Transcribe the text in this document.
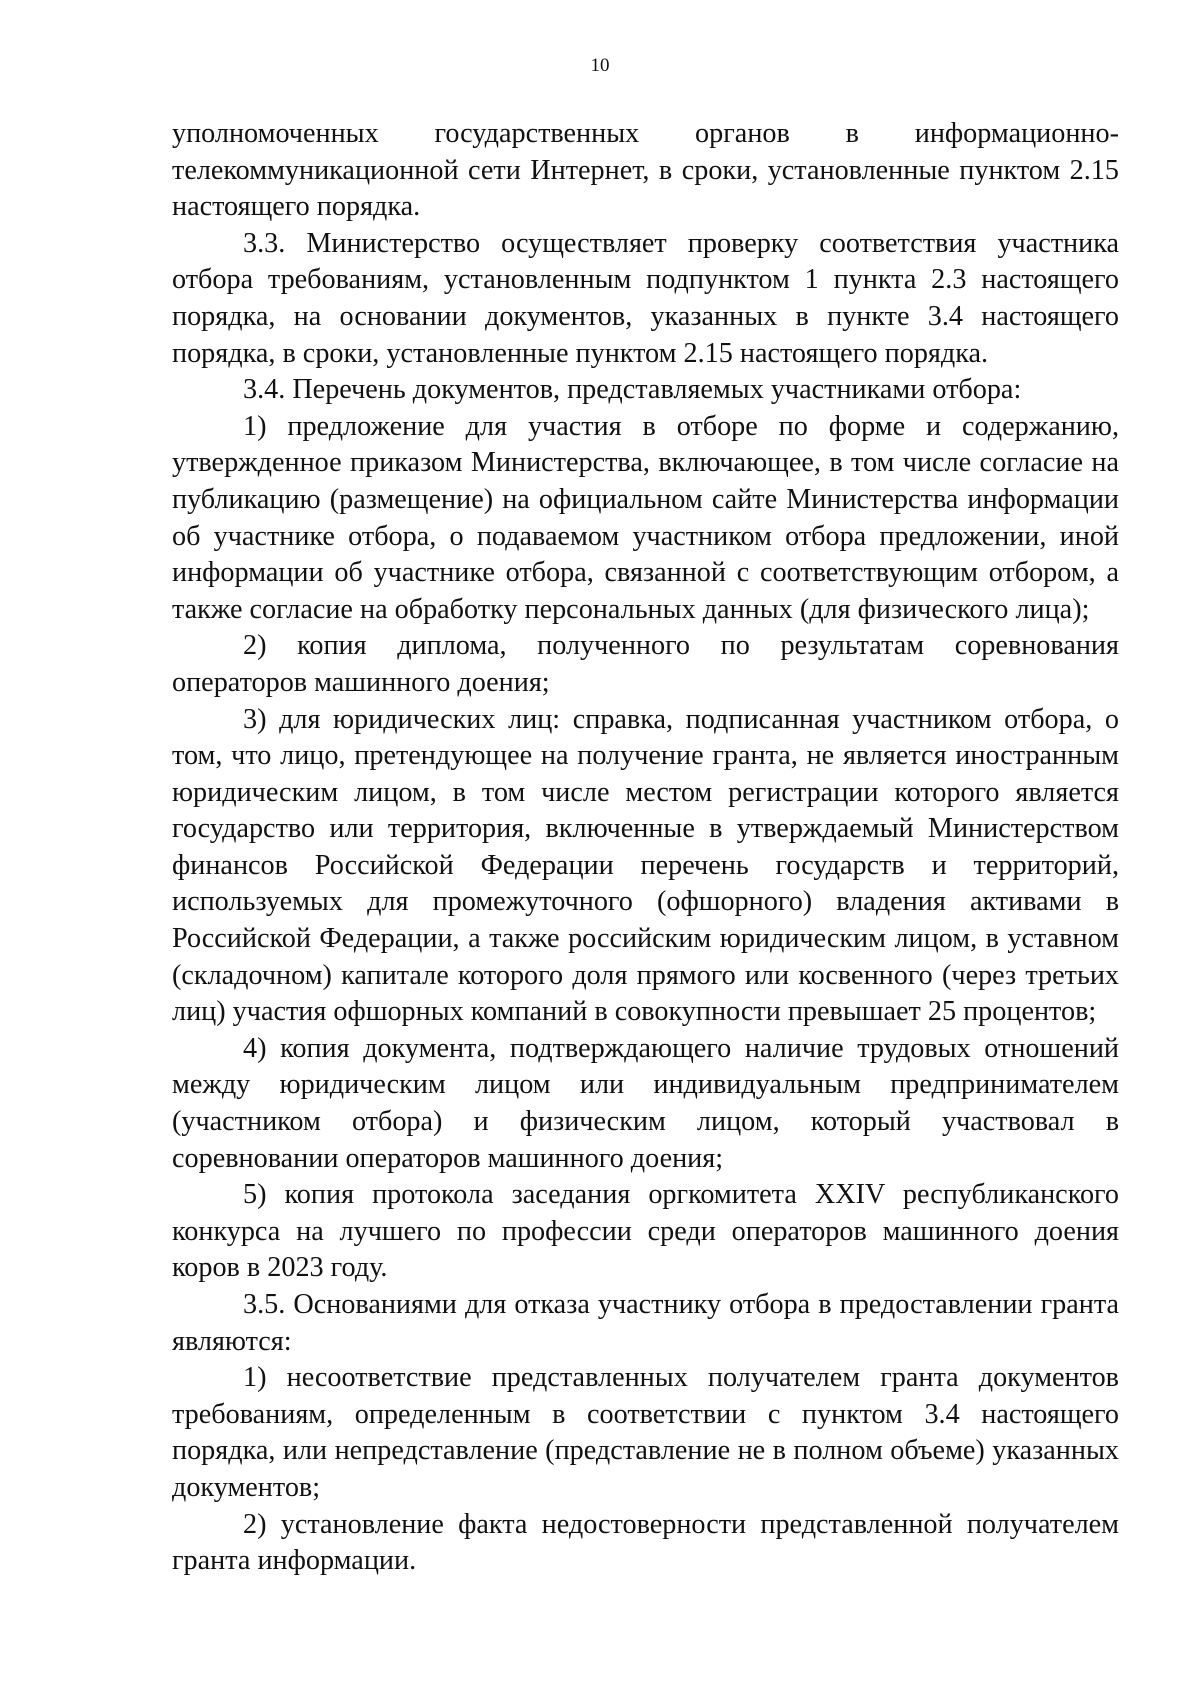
10

уполномоченных государственных органов в информационно-телекоммуникационной сети Интернет, в сроки, установленные пунктом 2.15 настоящего порядка.

3.3. Министерство осуществляет проверку соответствия участника отбора требованиям, установленным подпунктом 1 пункта 2.3 настоящего порядка, на основании документов, указанных в пункте 3.4 настоящего порядка, в сроки, установленные пунктом 2.15 настоящего порядка.

3.4. Перечень документов, представляемых участниками отбора:

1) предложение для участия в отборе по форме и содержанию, утвержденное приказом Министерства, включающее, в том числе согласие на публикацию (размещение) на официальном сайте Министерства информации об участнике отбора, о подаваемом участником отбора предложении, иной информации об участнике отбора, связанной с соответствующим отбором, а также согласие на обработку персональных данных (для физического лица);

2) копия диплома, полученного по результатам соревнования операторов машинного доения;

3) для юридических лиц: справка, подписанная участником отбора, о том, что лицо, претендующее на получение гранта, не является иностранным юридическим лицом, в том числе местом регистрации которого является государство или территория, включенные в утверждаемый Министерством финансов Российской Федерации перечень государств и территорий, используемых для промежуточного (офшорного) владения активами в Российской Федерации, а также российским юридическим лицом, в уставном (складочном) капитале которого доля прямого или косвенного (через третьих лиц) участия офшорных компаний в совокупности превышает 25 процентов;

4) копия документа, подтверждающего наличие трудовых отношений между юридическим лицом или индивидуальным предпринимателем (участником отбора) и физическим лицом, который участвовал в соревновании операторов машинного доения;

5) копия протокола заседания оргкомитета XXIV республиканского конкурса на лучшего по профессии среди операторов машинного доения коров в 2023 году.

3.5. Основаниями для отказа участнику отбора в предоставлении гранта являются:

1) несоответствие представленных получателем гранта документов требованиям, определенным в соответствии с пунктом 3.4 настоящего порядка, или непредставление (представление не в полном объеме) указанных документов;

2) установление факта недостоверности представленной получателем гранта информации.
